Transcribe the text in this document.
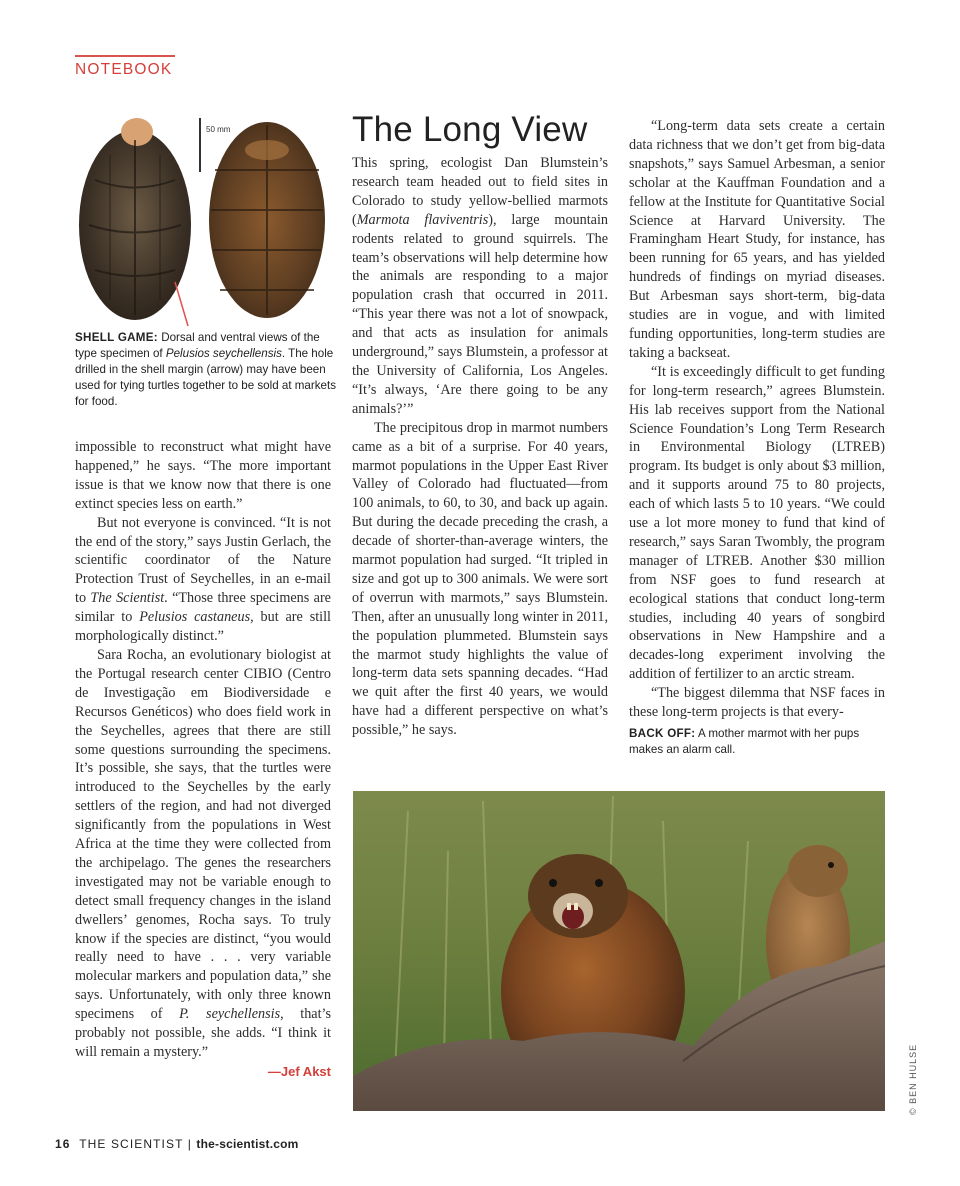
NOTEBOOK
50 mm
SHELL GAME: Dorsal and ventral views of the type specimen of Pelusios seychellensis. The hole drilled in the shell margin (arrow) may have been used for tying turtles together to be sold at markets for food.

impossible to reconstruct what might have happened,” he says. “The more important issue is that we know now that there is one extinct species less on earth.”

But not everyone is convinced. “It is not the end of the story,” says Justin Gerlach, the scientific coordinator of the Nature Protection Trust of Seychelles, in an e-mail to The Scientist. “Those three specimens are similar to Pelusios castaneus, but are still morphologically distinct.”

Sara Rocha, an evolutionary biologist at the Portugal research center CIBIO (Centro de Investigação em Biodiversidade e Recursos Genéticos) who does field work in the Seychelles, agrees that there are still some questions surrounding the specimens. It’s possible, she says, that the turtles were introduced to the Seychelles by the early settlers of the region, and had not diverged significantly from the populations in West Africa at the time they were collected from the archipelago. The genes the researchers investigated may not be variable enough to detect small frequency changes in the island dwellers’ genomes, Rocha says. To truly know if the species are distinct, “you would really need to have . . . very variable molecular markers and population data,” she says. Unfortunately, with only three known specimens of P. seychellensis, that’s probably not possible, she adds. “I think it will remain a mystery.”

—Jef Akst
The Long View

This spring, ecologist Dan Blumstein’s research team headed out to field sites in Colorado to study yellow-bellied marmots (Marmota flaviventris), large mountain rodents related to ground squirrels. The team’s observations will help determine how the animals are responding to a major population crash that occurred in 2011. “This year there was not a lot of snowpack, and that acts as insulation for animals underground,” says Blumstein, a professor at the University of California, Los Angeles. “It’s always, ‘Are there going to be any animals?’”

The precipitous drop in marmot numbers came as a bit of a surprise. For 40 years, marmot populations in the Upper East River Valley of Colorado had fluctuated—from 100 animals, to 60, to 30, and back up again. But during the decade preceding the crash, a decade of shorter-than-average winters, the marmot population had surged. “It tripled in size and got up to 300 animals. We were sort of overrun with marmots,” says Blumstein. Then, after an unusually long winter in 2011, the population plummeted. Blumstein says the marmot study highlights the value of long-term data sets spanning decades. “Had we quit after the first 40 years, we would have had a different perspective on what’s possible,” he says.

“Long-term data sets create a certain data richness that we don’t get from big-data snapshots,” says Samuel Arbesman, a senior scholar at the Kauffman Foundation and a fellow at the Institute for Quantitative Social Science at Harvard University. The Framingham Heart Study, for instance, has been running for 65 years, and has yielded hundreds of findings on myriad diseases. But Arbesman says short-term, big-data studies are in vogue, and with limited funding opportunities, long-term studies are taking a backseat.

“It is exceedingly difficult to get funding for long-term research,” agrees Blumstein. His lab receives support from the National Science Foundation’s Long Term Research in Environmental Biology (LTREB) program. Its budget is only about $3 million, and it supports around 75 to 80 projects, each of which lasts 5 to 10 years. “We could use a lot more money to fund that kind of research,” says Saran Twombly, the program manager of LTREB. Another $30 million from NSF goes to fund research at ecological stations that conduct long-term studies, including 40 years of songbird observations in New Hampshire and a decades-long experiment involving the addition of fertilizer to an arctic stream.

“The biggest dilemma that NSF faces in these long-term projects is that every-

BACK OFF: A mother marmot with her pups makes an alarm call.
© BEN HULSE
16 THE SCIENTIST | the-scientist.com
